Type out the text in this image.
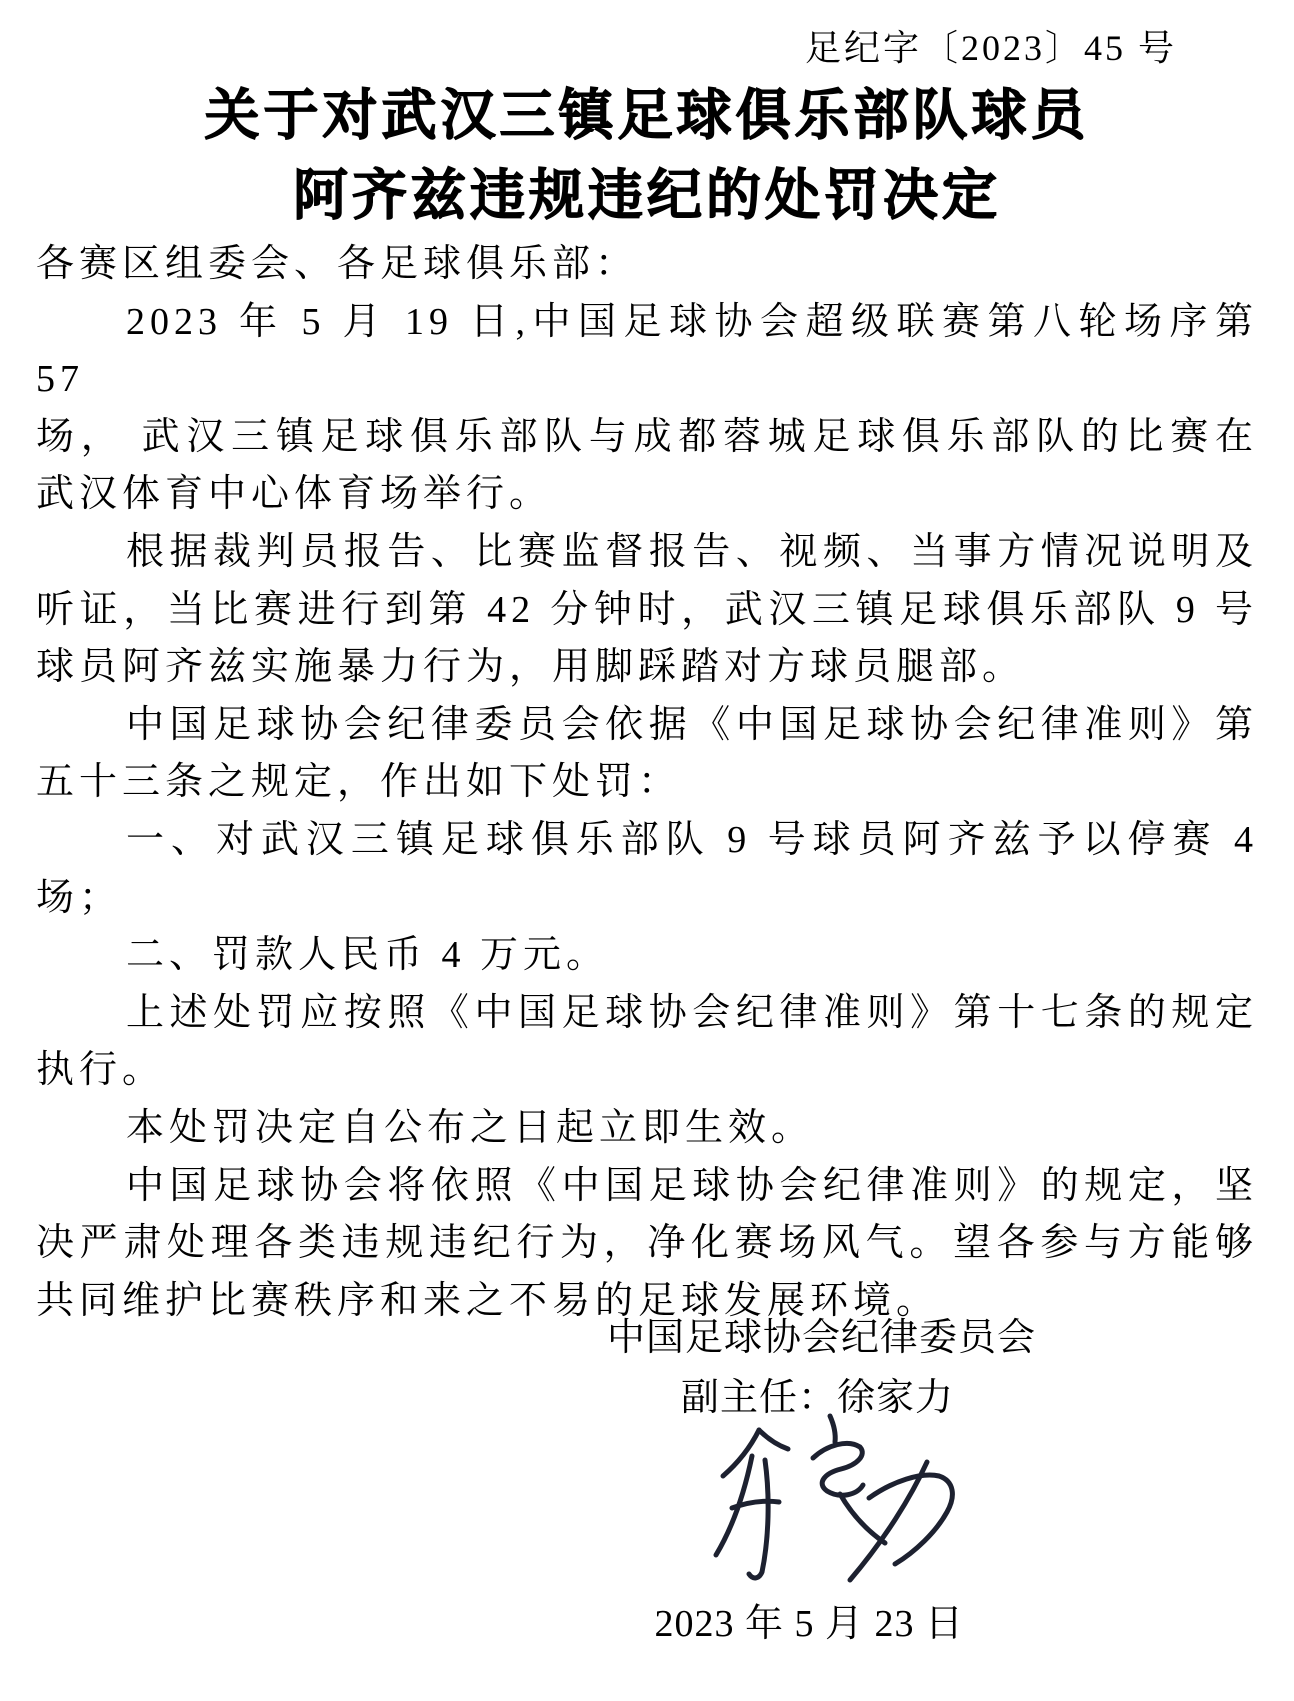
足纪字〔2023〕45 号
关于对武汉三镇足球俱乐部队球员
阿齐兹违规违纪的处罚决定
各赛区组委会、各足球俱乐部：
2023 年 5 月 19 日,中国足球协会超级联赛第八轮场序第 57
场， 武汉三镇足球俱乐部队与成都蓉城足球俱乐部队的比赛在
武汉体育中心体育场举行。
根据裁判员报告、比赛监督报告、视频、当事方情况说明及
听证，当比赛进行到第 42 分钟时，武汉三镇足球俱乐部队 9 号
球员阿齐兹实施暴力行为，用脚踩踏对方球员腿部。
中国足球协会纪律委员会依据《中国足球协会纪律准则》第
五十三条之规定，作出如下处罚：
一、对武汉三镇足球俱乐部队 9 号球员阿齐兹予以停赛 4
场；
二、罚款人民币 4 万元。
上述处罚应按照《中国足球协会纪律准则》第十七条的规定
执行。
本处罚决定自公布之日起立即生效。
中国足球协会将依照《中国足球协会纪律准则》的规定，坚
决严肃处理各类违规违纪行为，净化赛场风气。望各参与方能够
共同维护比赛秩序和来之不易的足球发展环境。
中国足球协会纪律委员会
副主任：徐家力
2023 年 5 月 23 日
